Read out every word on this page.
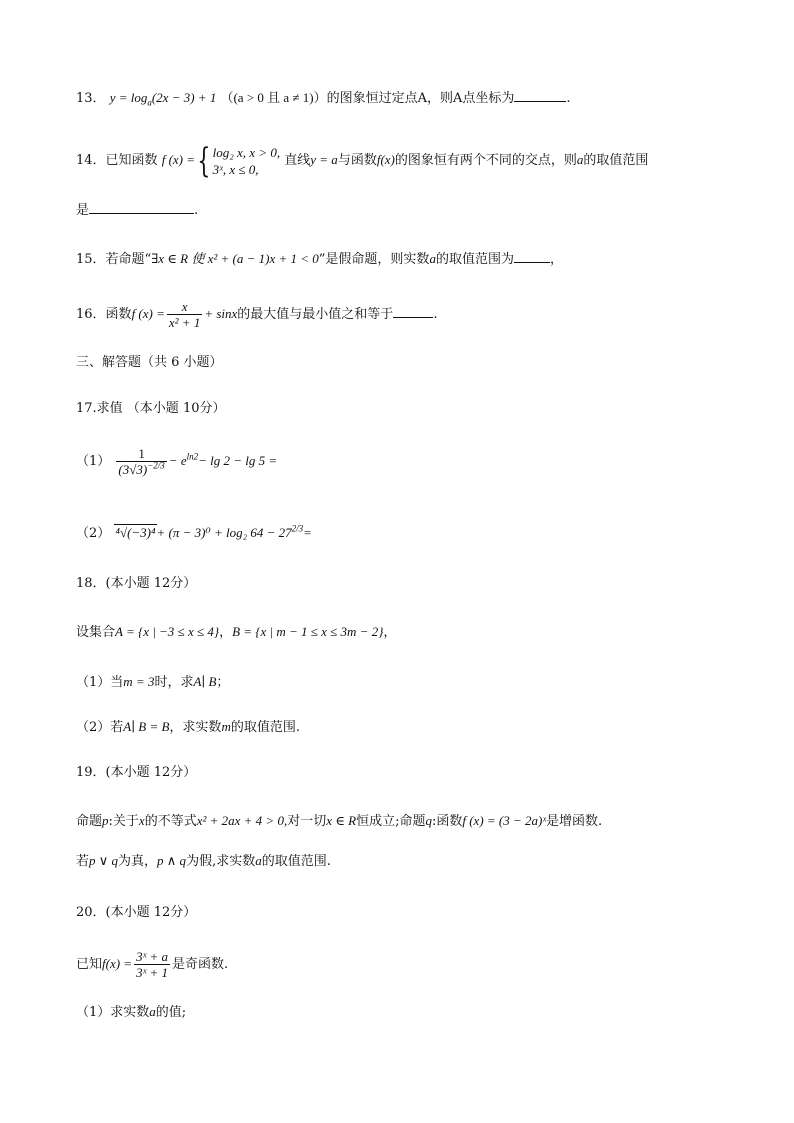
13． $y = \log_a(2x - 3) + 1$ （(a > 0 且 a ≠ 1)）的图象恒过定点A，则A点坐标为	.
14．已知函数 f (x) ={ log₂ x, x > 0,
3ˣ, x ≤ 0,
直线y = a与函数f(x)的图象恒有两个不同的交点，则a的取值范围
是	.
15．若命题“∃x ∈ R 使 x² + (a − 1)x + 1 < 0”是假命题，则实数a的取值范围为	，
16．函数f $(x) = \frac{x}{\text{x² + 1}} + \sin x$的最大值与最小值之和等于	.
三、解答题（共 6 小题）
17.求值 （本小题 10分）
$(1) \frac{1}{(3√3)^{-2/3}} - e^{ln2}- \lg 2 - \lg 5$ =
（2） ⁴√(−3)⁴+ (π − 3)⁰ + log₂ $64 - 27^{2/3}=$
18．(本小题 12分）
设集合A = {x | −3 ≤ x ≤ 4}，B = {x | m − 1 ≤ x ≤ 3m − 2}，
（1）当m = 3时，求A∣ B；
（2）若A∣ B = B，求实数m的取值范围.
19．(本小题 12分）
命题p:关于x的不等式x² + 2ax + 4 > 0,对一切x ∈ R恒成立;命题q:函数f (x) = (3 − 2a)ˣ是增函数.
若p ∨ q为真，p ∧ q为假,求实数a的取值范围.
20．(本小题 12分）
已知$f(x) = \frac{\text{3ˣ + a}}{\text{3ˣ + 1}}$ 是奇函数.
（1）求实数a的值;
